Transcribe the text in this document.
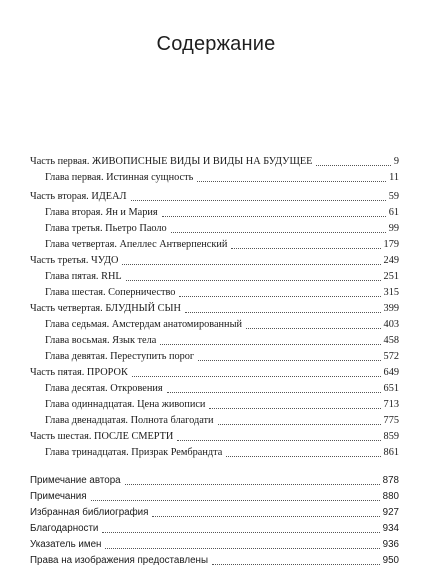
Содержание
Часть первая. ЖИВОПИСНЫЕ ВИДЫ И ВИДЫ НА БУДУЩЕЕ	9
Глава первая. Истинная сущность	11
Часть вторая. ИДЕАЛ	59
Глава вторая. Ян и Мария	61
Глава третья. Пьетро Паоло	99
Глава четвертая. Апеллес Антверпенский	179
Часть третья. ЧУДО	249
Глава пятая. RHL	251
Глава шестая. Соперничество	315
Часть четвертая. БЛУДНЫЙ СЫН	399
Глава седьмая. Амстердам анатомированный	403
Глава восьмая. Язык тела	458
Глава девятая. Переступить порог	572
Часть пятая. ПРОРОК	649
Глава десятая. Откровения	651
Глава одиннадцатая. Цена живописи	713
Глава двенадцатая. Полнота благодати	775
Часть шестая. ПОСЛЕ СМЕРТИ	859
Глава тринадцатая. Призрак Рембрандта	861
Примечание автора	878
Примечания	880
Избранная библиография	927
Благодарности	934
Указатель имен	936
Права на изображения предоставлены	950
